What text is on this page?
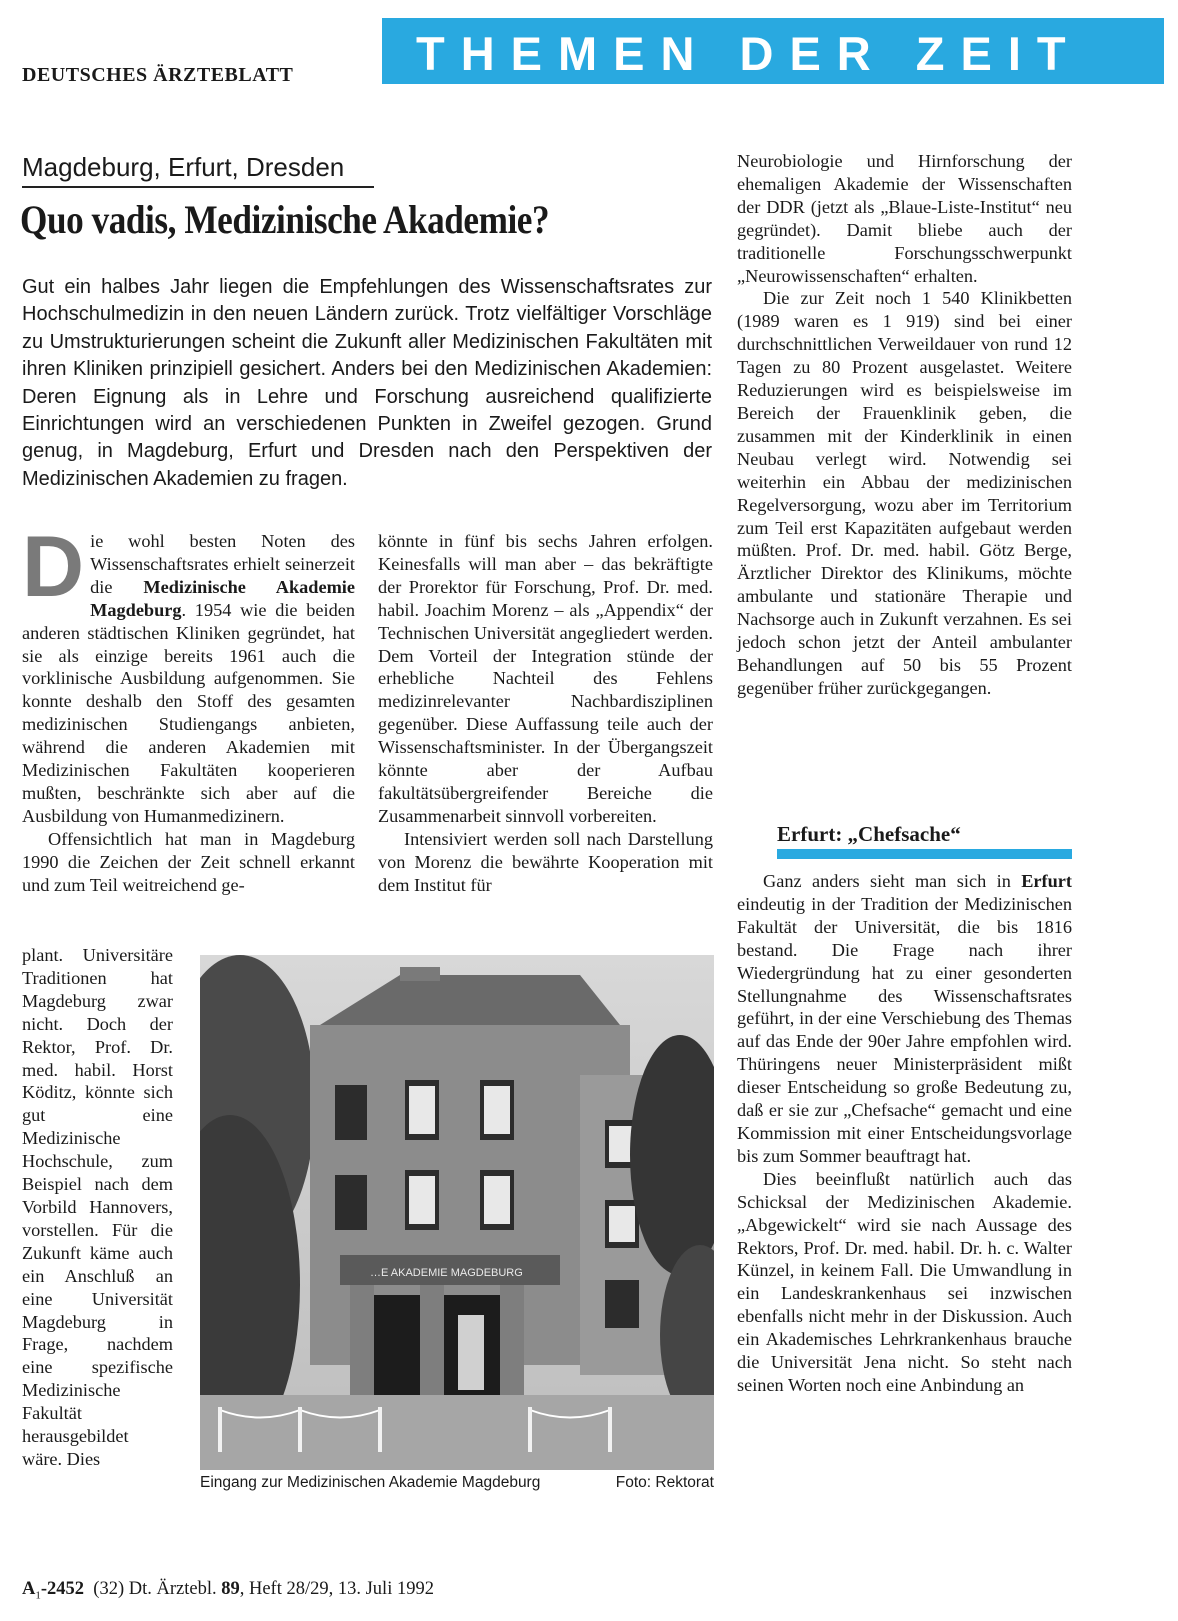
DEUTSCHES ÄRZTEBLATT	THEMEN DER ZEIT
Magdeburg, Erfurt, Dresden
Quo vadis, Medizinische Akademie?
Gut ein halbes Jahr liegen die Empfehlungen des Wissenschaftsrates zur Hochschulmedizin in den neuen Ländern zurück. Trotz vielfältiger Vorschläge zu Umstrukturierungen scheint die Zukunft aller Medizinischen Fakultäten mit ihren Kliniken prinzipiell gesichert. Anders bei den Medizinischen Akademien: Deren Eignung als in Lehre und Forschung ausreichend qualifizierte Einrichtungen wird an verschiedenen Punkten in Zweifel gezogen. Grund genug, in Magdeburg, Erfurt und Dresden nach den Perspektiven der Medizinischen Akademien zu fragen.

Die wohl besten Noten des Wissenschaftsrates erhielt seinerzeit die Medizinische Akademie Magdeburg. 1954 wie die beiden anderen städtischen Kliniken gegründet, hat sie als einzige bereits 1961 auch die vorklinische Ausbildung aufgenommen. Sie konnte deshalb den Stoff des gesamten medizinischen Studiengangs anbieten, während die anderen Akademien mit Medizinischen Fakultäten kooperieren mußten, beschränkte sich aber auf die Ausbildung von Humanmedizinern.

Offensichtlich hat man in Magdeburg 1990 die Zeichen der Zeit schnell erkannt und zum Teil weitreichend ge-

plant. Universitäre Traditionen hat Magdeburg zwar nicht. Doch der Rektor, Prof. Dr. med. habil. Horst Köditz, könnte sich gut eine Medizinische Hochschule, zum Beispiel nach dem Vorbild Hannovers, vorstellen. Für die Zukunft käme auch ein Anschluß an eine Universität Magdeburg in Frage, nachdem eine spezifische Medizinische Fakultät herausgebildet wäre. Dies

könnte in fünf bis sechs Jahren erfolgen. Keinesfalls will man aber – das bekräftigte der Prorektor für Forschung, Prof. Dr. med. habil. Joachim Morenz – als „Appendix“ der Technischen Universität angegliedert werden. Dem Vorteil der Integration stünde der erhebliche Nachteil des Fehlens medizinrelevanter Nachbardisziplinen gegenüber. Diese Auffassung teile auch der Wissenschaftsminister. In der Übergangszeit könnte aber der Aufbau fakultätsübergreifender Bereiche die Zusammenarbeit sinnvoll vorbereiten.

Intensiviert werden soll nach Darstellung von Morenz die bewährte Kooperation mit dem Institut für

Neurobiologie und Hirnforschung der ehemaligen Akademie der Wissenschaften der DDR (jetzt als „Blaue-Liste-Institut“ neu gegründet). Damit bliebe auch der traditionelle Forschungsschwerpunkt „Neurowissenschaften“ erhalten.

Die zur Zeit noch 1 540 Klinikbetten (1989 waren es 1 919) sind bei einer durchschnittlichen Verweildauer von rund 12 Tagen zu 80 Prozent ausgelastet. Weitere Reduzierungen wird es beispielsweise im Bereich der Frauenklinik geben, die zusammen mit der Kinderklinik in einen Neubau verlegt wird. Notwendig sei weiterhin ein Abbau der medizinischen Regelversorgung, wozu aber im Territorium zum Teil erst Kapazitäten aufgebaut werden müßten. Prof. Dr. med. habil. Götz Berge, Ärztlicher Direktor des Klinikums, möchte ambulante und stationäre Therapie und Nachsorge auch in Zukunft verzahnen. Es sei jedoch schon jetzt der Anteil ambulanter Behandlungen auf 50 bis 55 Prozent gegenüber früher zurückgegangen.

Erfurt: „Chefsache“

Ganz anders sieht man sich in Erfurt eindeutig in der Tradition der Medizinischen Fakultät der Universität, die bis 1816 bestand. Die Frage nach ihrer Wiedergründung hat zu einer gesonderten Stellungnahme des Wissenschaftsrates geführt, in der eine Verschiebung des Themas auf das Ende der 90er Jahre empfohlen wird. Thüringens neuer Ministerpräsident mißt dieser Entscheidung so große Bedeutung zu, daß er sie zur „Chefsache“ gemacht und eine Kommission mit einer Entscheidungsvorlage bis zum Sommer beauftragt hat.

Dies beeinflußt natürlich auch das Schicksal der Medizinischen Akademie. „Abgewickelt“ wird sie nach Aussage des Rektors, Prof. Dr. med. habil. Dr. h. c. Walter Künzel, in keinem Fall. Die Umwandlung in ein Landeskrankenhaus sei inzwischen ebenfalls nicht mehr in der Diskussion. Auch ein Akademisches Lehrkrankenhaus brauche die Universität Jena nicht. So steht nach seinen Worten noch eine Anbindung an

…E AKADEMIE MAGDEBURG
Eingang zur Medizinischen Akademie Magdeburg	Foto: Rektorat
$A_1-2452$ (32) Dt. Ärztebl. 89, Heft 28/29, 13. Juli 1992
